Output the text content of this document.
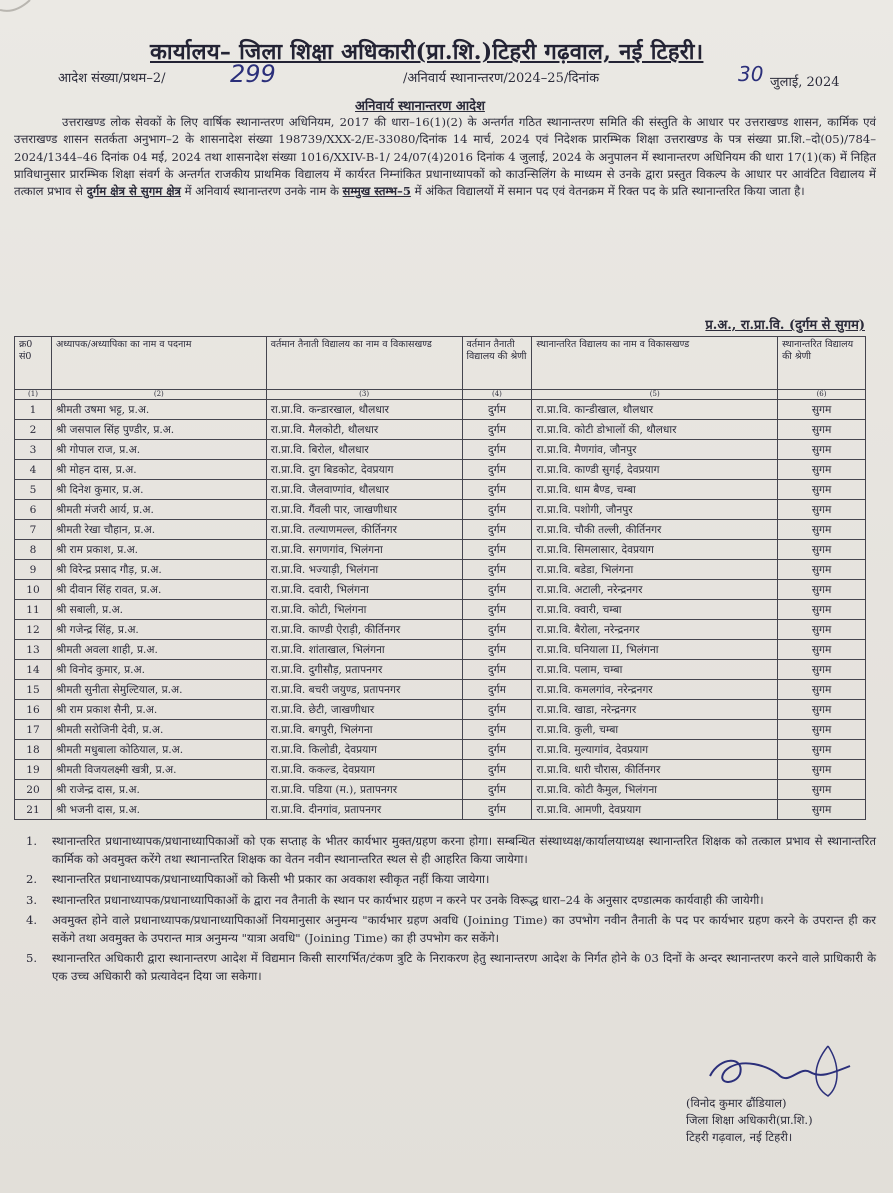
कार्यालय– जिला शिक्षा अधिकारी(प्रा.शि.)टिहरी गढ़वाल, नई टिहरी।
आदेश संख्या/प्रथम–2/	299	/अनिवार्य स्थानान्तरण/2024–25/दिनांक	30 जुलाई, 2024
अनिवार्य स्थानान्तरण आदेश
उत्तराखण्ड लोक सेवकों के लिए वार्षिक स्थानान्तरण अधिनियम, 2017 की धारा–16(1)(2) के अन्तर्गत गठित स्थानान्तरण समिति की संस्तुति के आधार पर उत्तराखण्ड शासन, कार्मिक एवं उत्तराखण्ड शासन सतर्कता अनुभाग–2 के शासनादेश संख्या 198739/XXX-2/E-33080/दिनांक 14 मार्च, 2024 एवं निदेशक प्रारम्भिक शिक्षा उत्तराखण्ड के पत्र संख्या प्रा.शि.–दो(05)/784–2024/1344–46 दिनांक 04 मई, 2024 तथा शासनादेश संख्या 1016/XXIV-B-1/ 24/07(4)2016 दिनांक 4 जुलाई, 2024 के अनुपालन में स्थानान्तरण अधिनियम की धारा 17(1)(क) में निहित प्राविधानुसार प्रारम्भिक शिक्षा संवर्ग के अन्तर्गत राजकीय प्राथमिक विद्यालय में कार्यरत निम्नांकित प्रधानाध्यापकों को काउन्सिलिंग के माध्यम से उनके द्वारा प्रस्तुत विकल्प के आधार पर आवंटित विद्यालय में तत्काल प्रभाव से दुर्गम क्षेत्र से सुगम क्षेत्र में अनिवार्य स्थानान्तरण उनके नाम के सम्मुख स्तम्भ–5 में अंकित विद्यालयों में समान पद एवं वेतनक्रम में रिक्त पद के प्रति स्थानान्तरित किया जाता है।
प्र.अ., रा.प्रा.वि. (दुर्गम से सुगम)
क्र0 सं0	अध्यापक/अध्यापिका का नाम व पदनाम	वर्तमान तैनाती विद्यालय का नाम व विकासखण्ड	वर्तमान तैनाती विद्यालय की श्रेणी	स्थानान्तरित विद्यालय का नाम व विकासखण्ड	स्थानान्तरित विद्यालय की श्रेणी
(1)	(2)	(3)	(4)	(5)	(6)
1	श्रीमती उषमा भट्ट, प्र.अ.	रा.प्रा.वि. कन्डारखाल, थौलधार	दुर्गम	रा.प्रा.वि. कान्डीखाल, थौलधार	सुगम
2	श्री जसपाल सिंह पुण्डीर, प्र.अ.	रा.प्रा.वि. मैलकोटी, थौलधार	दुर्गम	रा.प्रा.वि. कोटी डोभालों की, थौलधार	सुगम
3	श्री गोपाल राज, प्र.अ.	रा.प्रा.वि. बिरोल, थौलधार	दुर्गम	रा.प्रा.वि. मैणगांव, जौनपुर	सुगम
4	श्री मोहन दास, प्र.अ.	रा.प्रा.वि. दुग बिडकोट, देवप्रयाग	दुर्गम	रा.प्रा.वि. काण्डी सुगई, देवप्रयाग	सुगम
5	श्री दिनेश कुमार, प्र.अ.	रा.प्रा.वि. जैलवाण्गांव, थौलधार	दुर्गम	रा.प्रा.वि. धाम बैण्ड, चम्बा	सुगम
6	श्रीमती मंजरी आर्य, प्र.अ.	रा.प्रा.वि. गैंवली पार, जाखणीधार	दुर्गम	रा.प्रा.वि. पशोगी, जौनपुर	सुगम
7	श्रीमती रेखा चौहान, प्र.अ.	रा.प्रा.वि. तल्याणमल्ल, कीर्तिनगर	दुर्गम	रा.प्रा.वि. चौकी तल्ली, कीर्तिनगर	सुगम
8	श्री राम प्रकाश, प्र.अ.	रा.प्रा.वि. सगणगांव, भिलंगना	दुर्गम	रा.प्रा.वि. सिमलासार, देवप्रयाग	सुगम
9	श्री विरेन्द्र प्रसाद गौड़, प्र.अ.	रा.प्रा.वि. भज्याड़ी, भिलंगना	दुर्गम	रा.प्रा.वि. बडेडा, भिलंगना	सुगम
10	श्री दीवान सिंह रावत, प्र.अ.	रा.प्रा.वि. दवारी, भिलंगना	दुर्गम	रा.प्रा.वि. अटाली, नरेन्द्रनगर	सुगम
11	श्री सबाली, प्र.अ.	रा.प्रा.वि. कोटी, भिलंगना	दुर्गम	रा.प्रा.वि. क्वारी, चम्बा	सुगम
12	श्री गजेन्द्र सिंह, प्र.अ.	रा.प्रा.वि. काण्डी ऐराड़ी, कीर्तिनगर	दुर्गम	रा.प्रा.वि. बैरोला, नरेन्द्रनगर	सुगम
13	श्रीमती अवला शाही, प्र.अ.	रा.प्रा.वि. शांताखाल, भिलंगना	दुर्गम	रा.प्रा.वि. घनियाला II, भिलंगना	सुगम
14	श्री विनोद कुमार, प्र.अ.	रा.प्रा.वि. दुगीसौड़, प्रतापनगर	दुर्गम	रा.प्रा.वि. पलाम, चम्बा	सुगम
15	श्रीमती सुनीता सेमुल्टियाल, प्र.अ.	रा.प्रा.वि. बचरी जयुण्ड, प्रतापनगर	दुर्गम	रा.प्रा.वि. कमलगांव, नरेन्द्रनगर	सुगम
16	श्री राम प्रकाश सैनी, प्र.अ.	रा.प्रा.वि. छेटी, जाखणीधार	दुर्गम	रा.प्रा.वि. खाडा, नरेन्द्रनगर	सुगम
17	श्रीमती सरोजिनी देवी, प्र.अ.	रा.प्रा.वि. बगपुरी, भिलंगना	दुर्गम	रा.प्रा.वि. कुली, चम्बा	सुगम
18	श्रीमती मधुबाला कोठियाल, प्र.अ.	रा.प्रा.वि. किलोडी, देवप्रयाग	दुर्गम	रा.प्रा.वि. मुल्यागांव, देवप्रयाग	सुगम
19	श्रीमती विजयलक्ष्मी खत्री, प्र.अ.	रा.प्रा.वि. ककल्ड, देवप्रयाग	दुर्गम	रा.प्रा.वि. धारी चौरास, कीर्तिनगर	सुगम
20	श्री राजेन्द्र दास, प्र.अ.	रा.प्रा.वि. पडिया (म.), प्रतापनगर	दुर्गम	रा.प्रा.वि. कोटी कैमुल, भिलंगना	सुगम
21	श्री भजनी दास, प्र.अ.	रा.प्रा.वि. दीनगांव, प्रतापनगर	दुर्गम	रा.प्रा.वि. आमणी, देवप्रयाग	सुगम
1. स्थानान्तरित प्रधानाध्यापक/प्रधानाध्यापिकाओं को एक सप्ताह के भीतर कार्यभार मुक्त/ग्रहण करना होगा। सम्बन्धित संस्थाध्यक्ष/कार्यालयाध्यक्ष स्थानान्तरित शिक्षक को तत्काल प्रभाव से स्थानान्तरित कार्मिक को अवमुक्त करेंगे तथा स्थानान्तरित शिक्षक का वेतन नवीन स्थानान्तरित स्थल से ही आहरित किया जायेगा।
2. स्थानान्तरित प्रधानाध्यापक/प्रधानाध्यापिकाओं को किसी भी प्रकार का अवकाश स्वीकृत नहीं किया जायेगा।
3. स्थानान्तरित प्रधानाध्यापक/प्रधानाध्यापिकाओं के द्वारा नव तैनाती के स्थान पर कार्यभार ग्रहण न करने पर उनके विरूद्ध धारा–24 के अनुसार दण्डात्मक कार्यवाही की जायेगी।
4. अवमुक्त होने वाले प्रधानाध्यापक/प्रधानाध्यापिकाओं नियमानुसार अनुमन्य "कार्यभार ग्रहण अवधि (Joining Time) का उपभोग नवीन तैनाती के पद पर कार्यभार ग्रहण करने के उपरान्त ही कर सकेंगे तथा अवमुक्त के उपरान्त मात्र अनुमन्य "यात्रा अवधि" (Joining Time) का ही उपभोग कर सकेंगे।
5. स्थानान्तरित अधिकारी द्वारा स्थानान्तरण आदेश में विद्यमान किसी सारगर्भित/टंकण त्रुटि के निराकरण हेतु स्थानान्तरण आदेश के निर्गत होने के 03 दिनों के अन्दर स्थानान्तरण करने वाले प्राधिकारी के एक उच्च अधिकारी को प्रत्यावेदन दिया जा सकेगा।
(विनोद कुमार ढौंडियाल)
जिला शिक्षा अधिकारी(प्रा.शि.)
टिहरी गढ़वाल, नई टिहरी।
